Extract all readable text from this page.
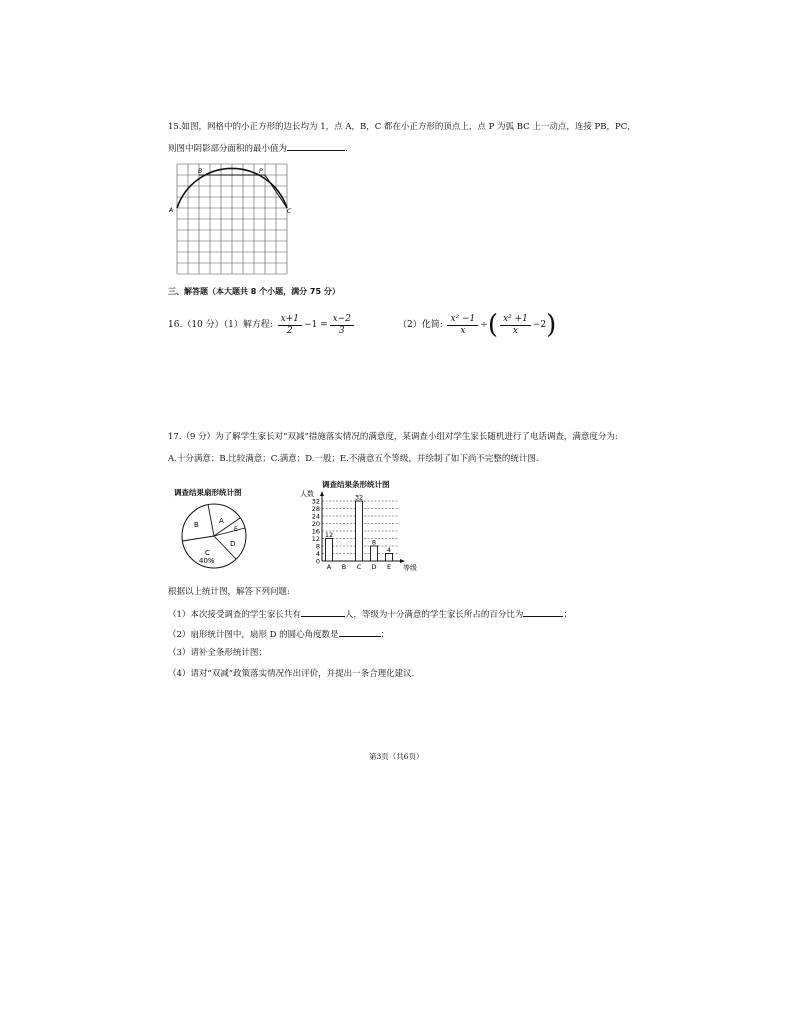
15.如图，网格中的小正方形的边长均为 1，点 A，B，C 都在小正方形的顶点上，点 P 为弧 BC 上一动点，连接 PB，PC，
则图中阴影部分面积的最小值为	.
A
B	P
C
三、解答题（本大题共 8 个小题，满分 75 分）
16.（10 分）（1）解方程: $\frac{x+1}{2} -1 = \frac{x-2}{3}$	（2）化简: $\frac{\text{x² −1}}{x}$ ÷( $\frac{\text{x² +1}}{x} -2$)
17.（9 分）为了解学生家长对“双减”措施落实情况的满意度，某调查小组对学生家长随机进行了电话调查，满意度分为:
A.十分满意；B.比较满意；C.满意；D.一般；E.不满意五个等级，并绘制了如下尚不完整的统计图.
调查结果扇形统计图
A
B
C
40%
D
E
调查结果条形统计图
人数
等级
0
4
8
12
16
20
24
28
32
12
A B
32
C
8
D
4
E
根据以上统计图，解答下列问题:
（1）本次接受调查的学生家长共有	人，等级为十分满意的学生家长所占的百分比为	；
（2）扇形统计图中，扇形 D 的圆心角度数是	；
（3）请补全条形统计图；
（4）请对“双减”政策落实情况作出评价，并提出一条合理化建议.
第3页（共6页）
